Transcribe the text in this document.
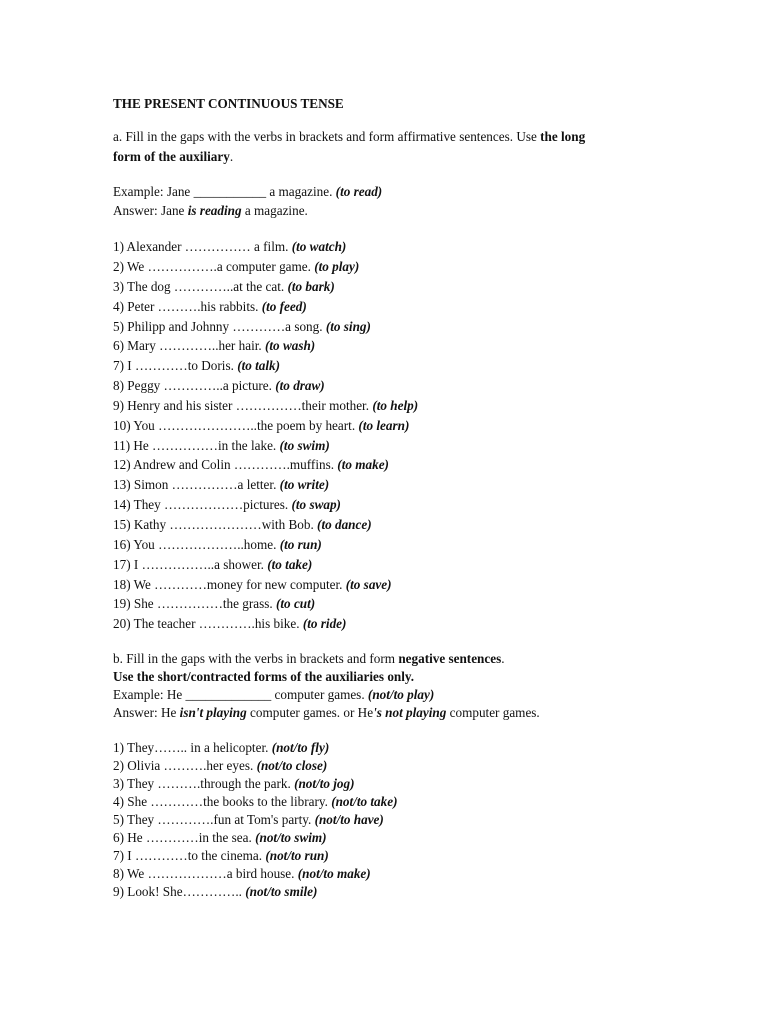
THE PRESENT CONTINUOUS TENSE
a. Fill in the gaps with the verbs in brackets and form affirmative sentences. Use the long
form of the auxiliary.
Example: Jane ___________ a magazine. (to read)
Answer: Jane is reading a magazine.
1) Alexander …………… a film. (to watch)
2) We …………….a computer game. (to play)
3) The dog …………..at the cat. (to bark)
4) Peter ……….his rabbits. (to feed)
5) Philipp and Johnny …………a song. (to sing)
6) Mary …………..her hair. (to wash)
7) I …………to Doris. (to talk)
8) Peggy …………..a picture. (to draw)
9) Henry and his sister ……………their mother. (to help)
10) You …………………..the poem by heart. (to learn)
11) He ……………in the lake. (to swim)
12) Andrew and Colin ………….muffins. (to make)
13) Simon ……………a letter. (to write)
14) They ………………pictures. (to swap)
15) Kathy …………………with Bob. (to dance)
16) You ………………..home. (to run)
17) I ……………..a shower. (to take)
18) We …………money for new computer. (to save)
19) She ……………the grass. (to cut)
20) The teacher ………….his bike. (to ride)
b. Fill in the gaps with the verbs in brackets and form negative sentences.
Use the short/contracted forms of the auxiliaries only.
Example: He _____________ computer games. (not/to play)
Answer: He isn't playing computer games. or He's not playing computer games.
1) They…….. in a helicopter. (not/to fly)
2) Olivia ……….her eyes. (not/to close)
3) They ……….through the park. (not/to jog)
4) She …………the books to the library. (not/to take)
5) They ………….fun at Tom's party. (not/to have)
6) He …………in the sea. (not/to swim)
7) I …………to the cinema. (not/to run)
8) We ………………a bird house. (not/to make)
9) Look! She………….. (not/to smile)
